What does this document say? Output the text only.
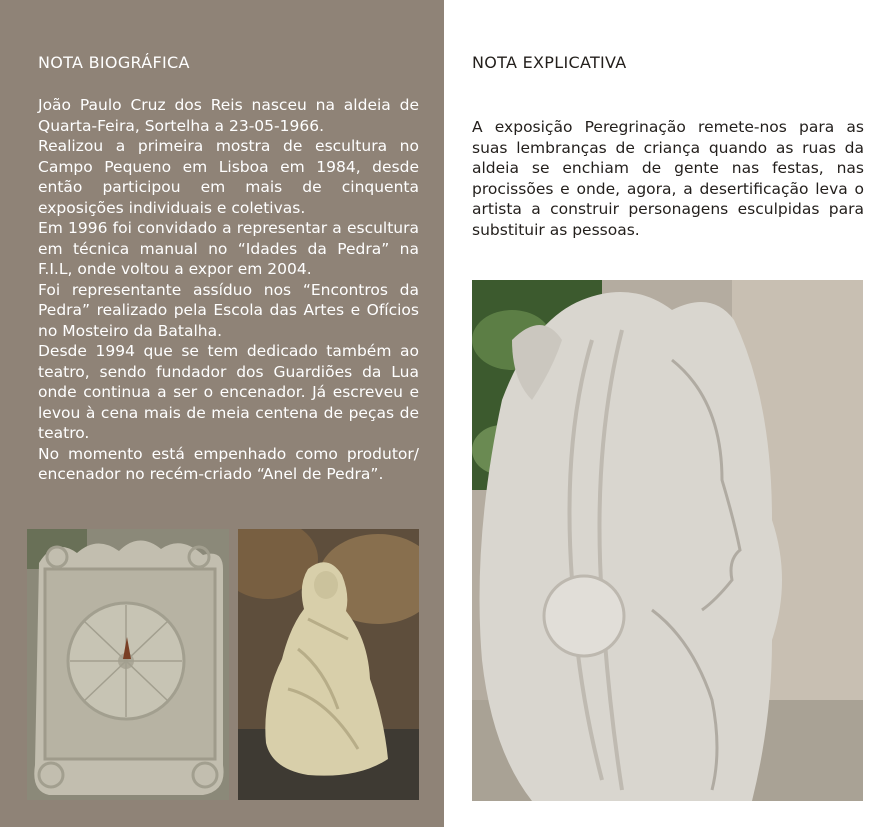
NOTA BIOGRÁFICA

João Paulo Cruz dos Reis nasceu na aldeia de Quarta-Feira, Sortelha a 23-05-1966.

Realizou a primeira mostra de escultura no Campo Pequeno em Lisboa em 1984, desde então participou em mais de cinquenta exposições individuais e coletivas.

Em 1996 foi convidado a representar a escultura em técnica manual no “Idades da Pedra” na F.I.L, onde voltou a expor em 2004.

Foi representante assíduo nos “Encontros da Pedra” realizado pela Escola das Artes e Ofícios no Mosteiro da Batalha.

Desde 1994 que se tem dedicado também ao teatro, sendo fundador dos Guardiões da Lua onde continua a ser o encenador. Já escreveu e levou à cena mais de meia centena de peças de teatro.

No momento está empenhado como produtor/ encenador no recém-criado “Anel de Pedra”.

NOTA EXPLICATIVA

A exposição Peregrinação remete-nos para as suas lembranças de criança quando as ruas da aldeia se enchiam de gente nas festas, nas procissões e onde, agora, a desertificação leva o artista a construir personagens esculpidas para substituir as pessoas.
